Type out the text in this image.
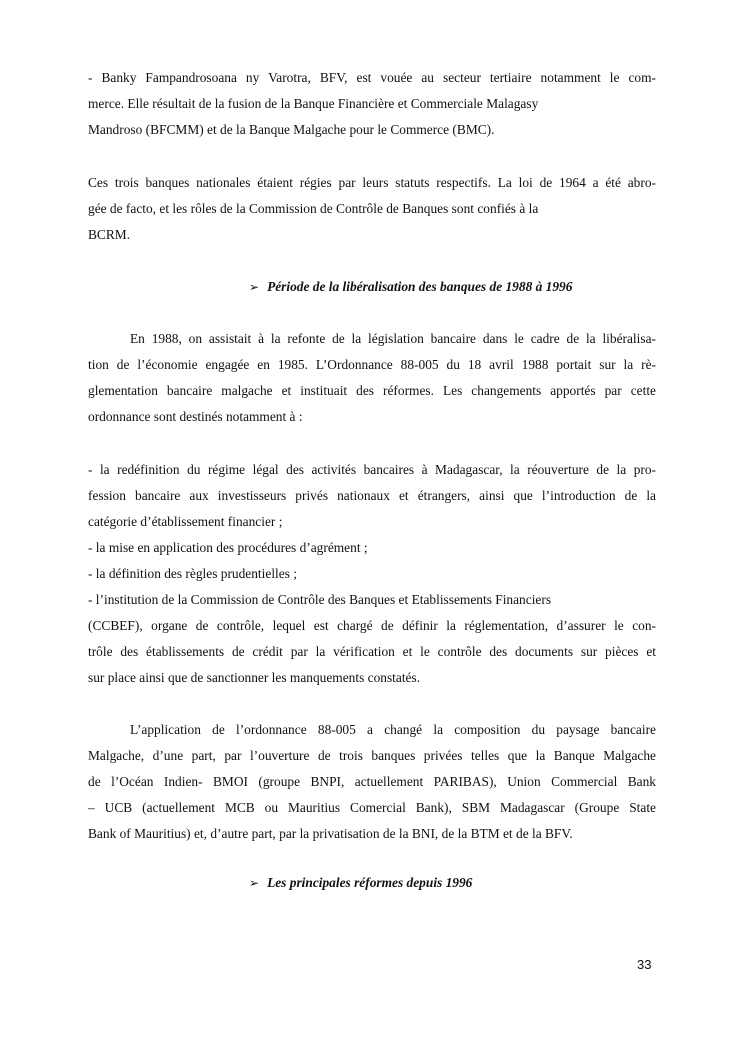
- Banky Fampandrosoana ny Varotra, BFV, est vouée au secteur tertiaire notamment le com-
merce. Elle résultait de la fusion de la Banque Financière et Commerciale Malagasy
Mandroso (BFCMM) et de la Banque Malgache pour le Commerce (BMC).
Ces trois banques nationales étaient régies par leurs statuts respectifs. La loi de 1964 a été abro-
gée de facto, et les rôles de la Commission de Contrôle de Banques sont confiés à la
BCRM.
➢ Période de la libéralisation des banques de 1988 à 1996
En 1988, on assistait à la refonte de la législation bancaire dans le cadre de la libéralisa-
tion de l’économie engagée en 1985. L’Ordonnance 88-005 du 18 avril 1988 portait sur la rè-
glementation bancaire malgache et instituait des réformes. Les changements apportés par cette
ordonnance sont destinés notamment à :
- la redéfinition du régime légal des activités bancaires à Madagascar, la réouverture de la pro-
fession bancaire aux investisseurs privés nationaux et étrangers, ainsi que l’introduction de la
catégorie d’établissement financier ;
- la mise en application des procédures d’agrément ;
- la définition des règles prudentielles ;
- l’institution de la Commission de Contrôle des Banques et Etablissements Financiers
(CCBEF), organe de contrôle, lequel est chargé de définir la réglementation, d’assurer le con-
trôle des établissements de crédit par la vérification et le contrôle des documents sur pièces et
sur place ainsi que de sanctionner les manquements constatés.
L’application de l’ordonnance 88-005 a changé la composition du paysage bancaire
Malgache, d’une part, par l’ouverture de trois banques privées telles que la Banque Malgache
de l’Océan Indien- BMOI (groupe BNPI, actuellement PARIBAS), Union Commercial Bank
– UCB (actuellement MCB ou Mauritius Comercial Bank), SBM Madagascar (Groupe State
Bank of Mauritius) et, d’autre part, par la privatisation de la BNI, de la BTM et de la BFV.
➢ Les principales réformes depuis 1996
33
